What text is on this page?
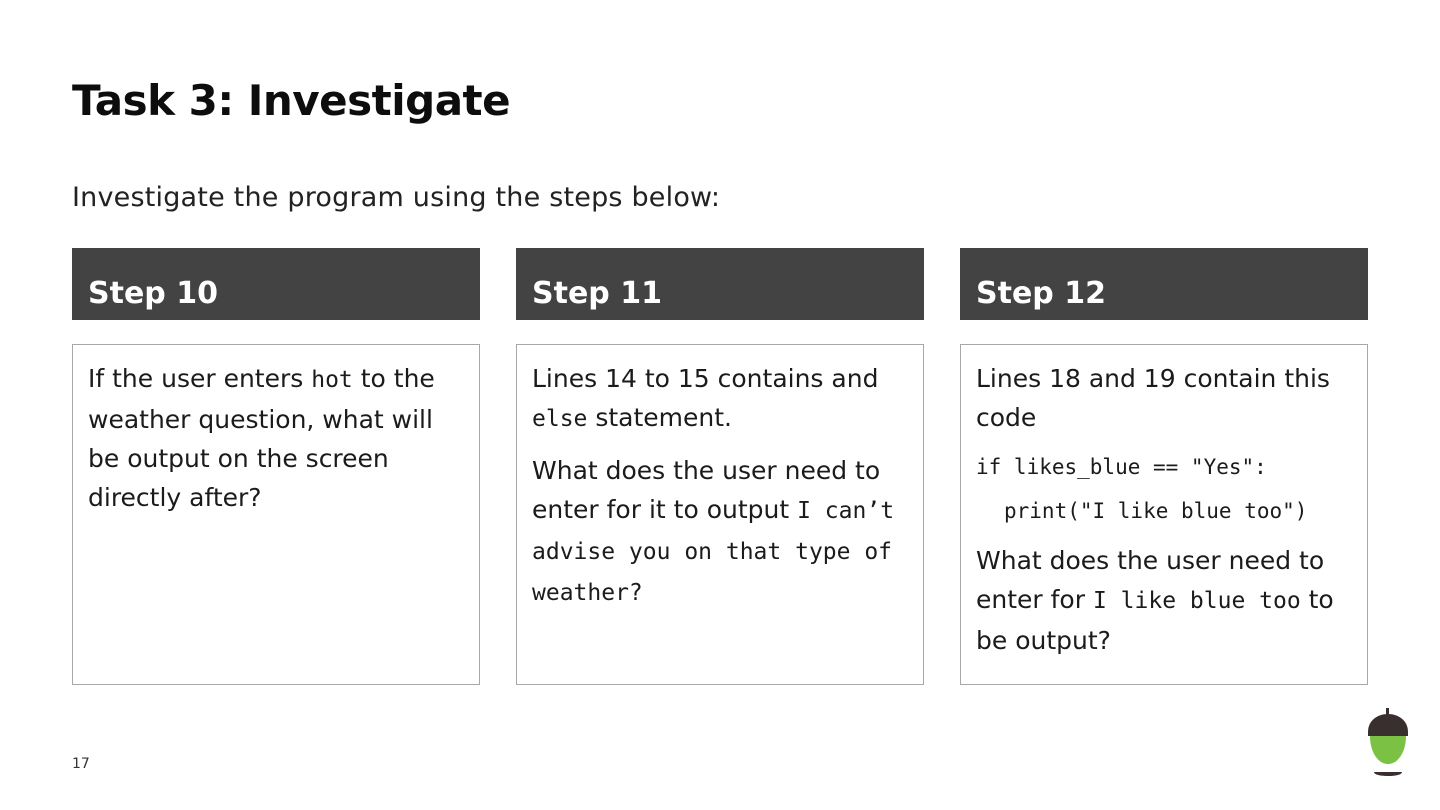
Task 3: Investigate
Investigate the program using the steps below:
Step 10

If the user enters hot to the weather question, what will be output on the screen directly after?

Step 11

Lines 14 to 15 contains and else statement.

What does the user need to enter for it to output I can’t advise you on that type of weather?

Step 12

Lines 18 and 19 contain this code

if likes_blue == "Yes":

print("I like blue too")

What does the user need to enter for I like blue too to be output?

17
